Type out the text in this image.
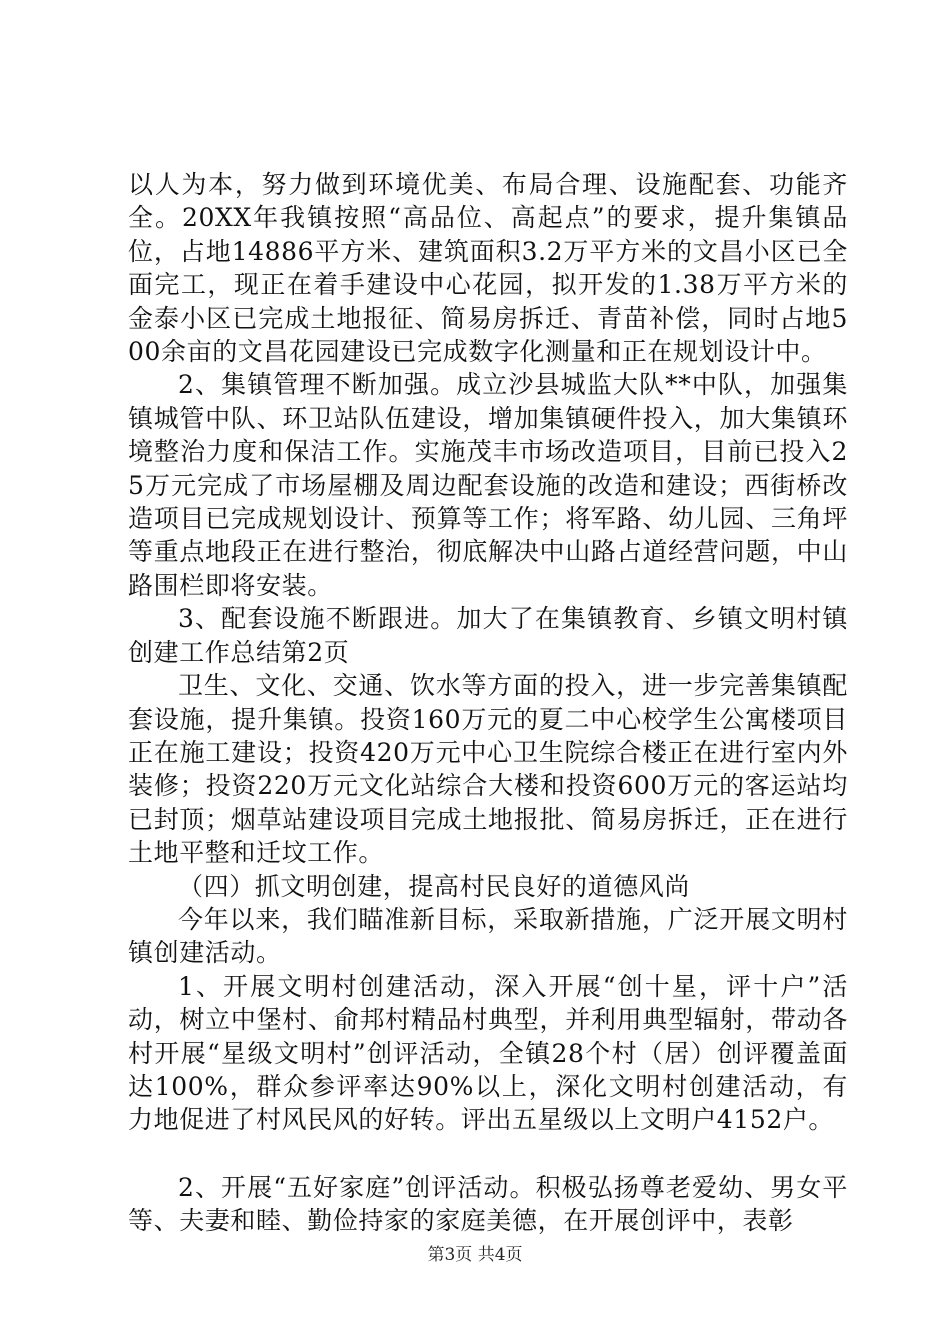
以人为本，努力做到环境优美、布局合理、设施配套、功能齐全。20XX年我镇按照“高品位、高起点”的要求，提升集镇品位，占地14886平方米、建筑面积3.2万平方米的文昌小区已全面完工，现正在着手建设中心花园，拟开发的1.38万平方米的金泰小区已完成土地报征、简易房拆迁、青苗补偿，同时占地500余亩的文昌花园建设已完成数字化测量和正在规划设计中。

2、集镇管理不断加强。成立沙县城监大队**中队，加强集镇城管中队、环卫站队伍建设，增加集镇硬件投入，加大集镇环境整治力度和保洁工作。实施茂丰市场改造项目，目前已投入25万元完成了市场屋棚及周边配套设施的改造和建设；西街桥改造项目已完成规划设计、预算等工作；将军路、幼儿园、三角坪等重点地段正在进行整治，彻底解决中山路占道经营问题，中山路围栏即将安装。

3、配套设施不断跟进。加大了在集镇教育、乡镇文明村镇创建工作总结第2页

卫生、文化、交通、饮水等方面的投入，进一步完善集镇配套设施，提升集镇。投资160万元的夏二中心校学生公寓楼项目正在施工建设；投资420万元中心卫生院综合楼正在进行室内外装修；投资220万元文化站综合大楼和投资600万元的客运站均已封顶；烟草站建设项目完成土地报批、简易房拆迁，正在进行土地平整和迁坟工作。

（四）抓文明创建，提高村民良好的道德风尚

今年以来，我们瞄准新目标，采取新措施，广泛开展文明村镇创建活动。

1、开展文明村创建活动，深入开展“创十星，评十户”活动，树立中堡村、俞邦村精品村典型，并利用典型辐射，带动各村开展“星级文明村”创评活动，全镇28个村（居）创评覆盖面达100%，群众参评率达90%以上，深化文明村创建活动，有力地促进了村风民风的好转。评出五星级以上文明户4152户。

2、开展“五好家庭”创评活动。积极弘扬尊老爱幼、男女平等、夫妻和睦、勤俭持家的家庭美德，在开展创评中，表彰

第3页 共4页
